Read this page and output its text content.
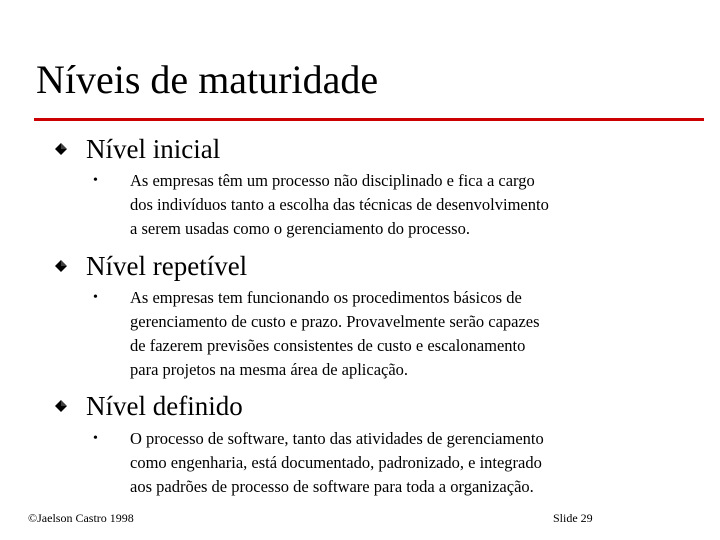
Níveis de maturidade
Nível inicial
• As empresas têm um processo não disciplinado e fica a cargo
dos indivíduos tanto a escolha das técnicas de desenvolvimento
a serem usadas como o gerenciamento do processo.
Nível repetível
• As empresas tem funcionando os procedimentos básicos de
gerenciamento de custo e prazo. Provavelmente serão capazes
de fazerem previsões consistentes de custo e escalonamento
para projetos na mesma área de aplicação.
Nível definido
• O processo de software, tanto das atividades de gerenciamento
como engenharia, está documentado, padronizado, e integrado
aos padrões de processo de software para toda a organização.
©Jaelson Castro 1998	Slide 29
